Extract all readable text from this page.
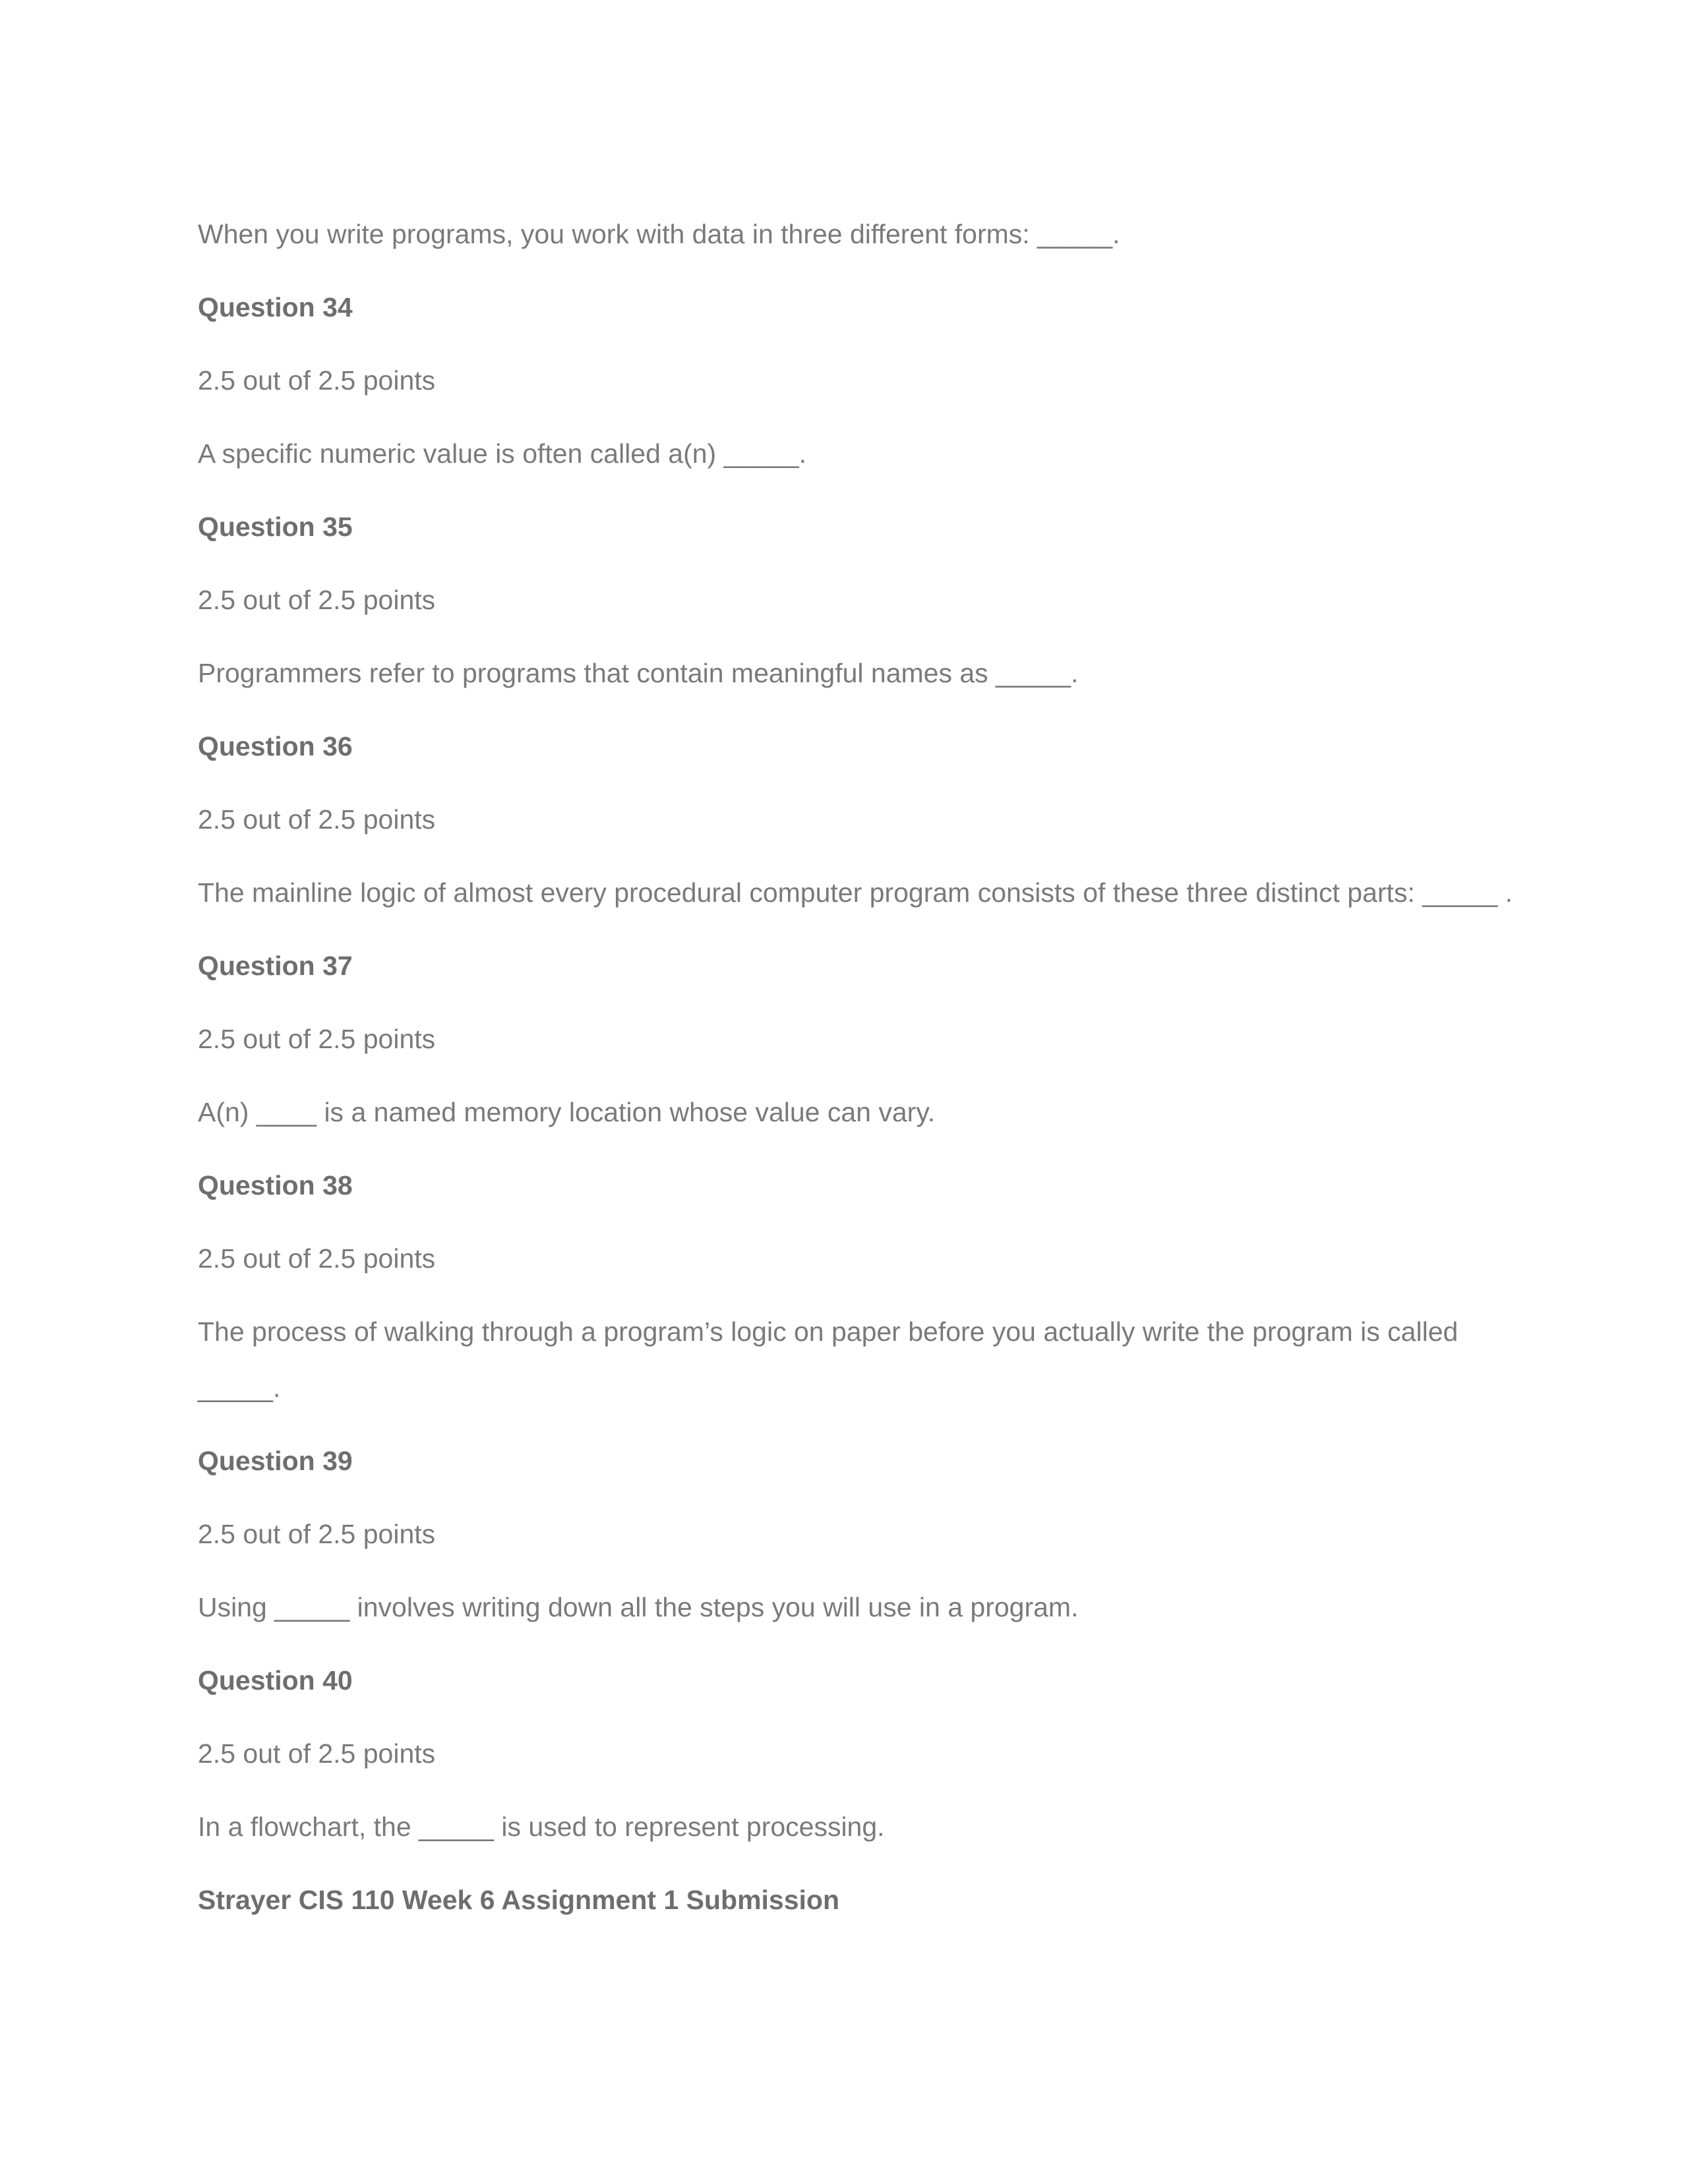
When you write programs, you work with data in three different forms: _____.

Question 34

2.5 out of 2.5 points

A specific numeric value is often called a(n) _____.

Question 35

2.5 out of 2.5 points

Programmers refer to programs that contain meaningful names as _____.

Question 36

2.5 out of 2.5 points

The mainline logic of almost every procedural computer program consists of these three distinct parts: _____ .

Question 37

2.5 out of 2.5 points

A(n) ____ is a named memory location whose value can vary.

Question 38

2.5 out of 2.5 points

The process of walking through a program’s logic on paper before you actually write the program is called _____.

Question 39

2.5 out of 2.5 points

Using _____ involves writing down all the steps you will use in a program.

Question 40

2.5 out of 2.5 points

In a flowchart, the _____ is used to represent processing.

Strayer CIS 110 Week 6 Assignment 1 Submission
